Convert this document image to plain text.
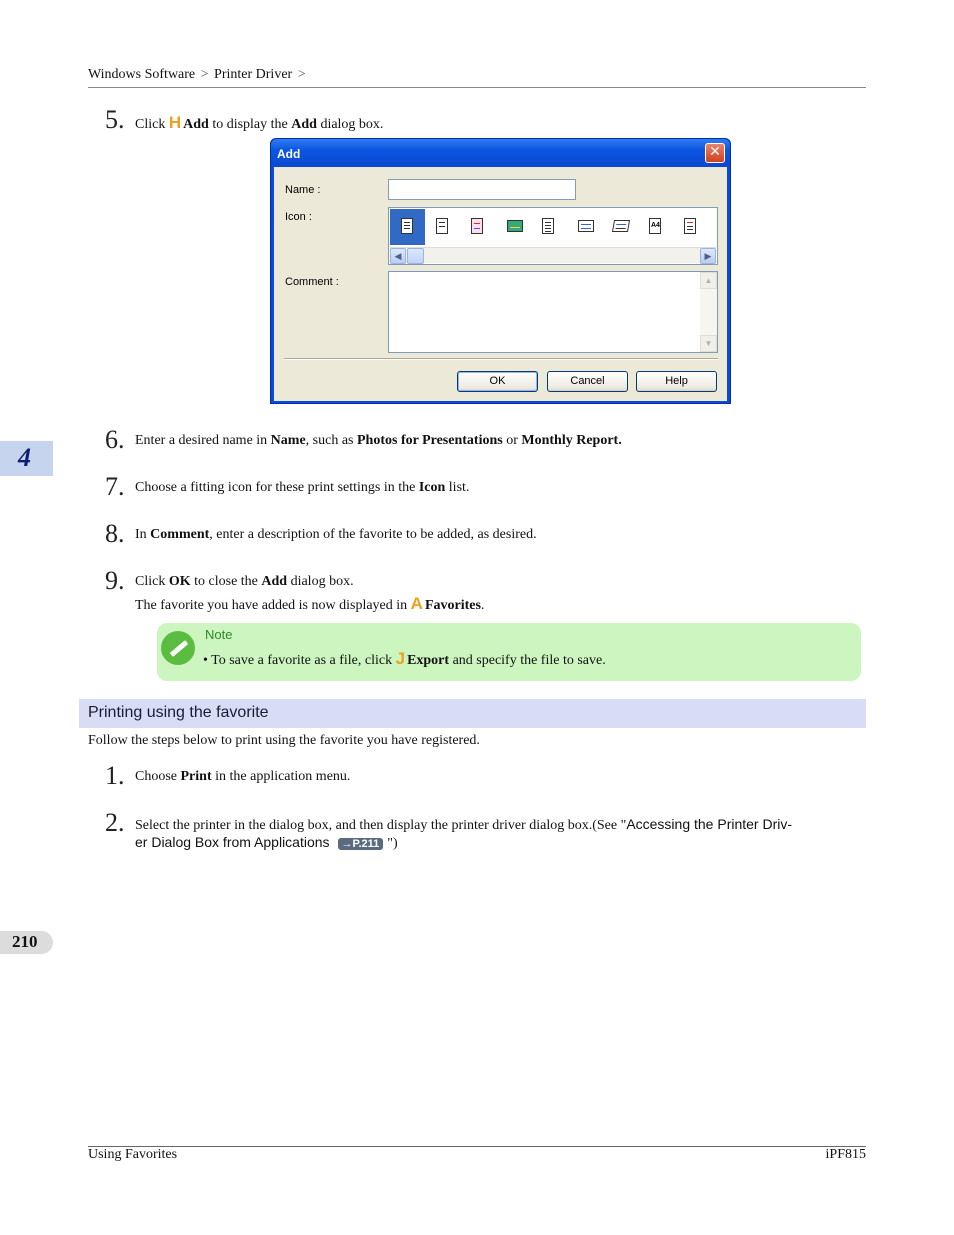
Windows Software > Printer Driver >
5. Click H Add to display the Add dialog box.
Add	✕
Name :
Icon :
A4
◀	▶
Comment :	▲
▼
OK	Cancel	Help
4
6. Enter a desired name in Name, such as Photos for Presentations or Monthly Report.
7. Choose a fitting icon for these print settings in the Icon list.
8. In Comment, enter a description of the favorite to be added, as desired.
9. Click OK to close the Add dialog box.
The favorite you have added is now displayed in A Favorites.
Note
• To save a favorite as a file, click J Export and specify the file to save.
Printing using the favorite
Follow the steps below to print using the favorite you have registered.
1. Choose Print in the application menu.
2. Select the printer in the dialog box, and then display the printer driver dialog box.(See "Accessing the Printer Driv-
er Dialog Box from Applications →P.211 ")
210
Using Favorites	iPF815
